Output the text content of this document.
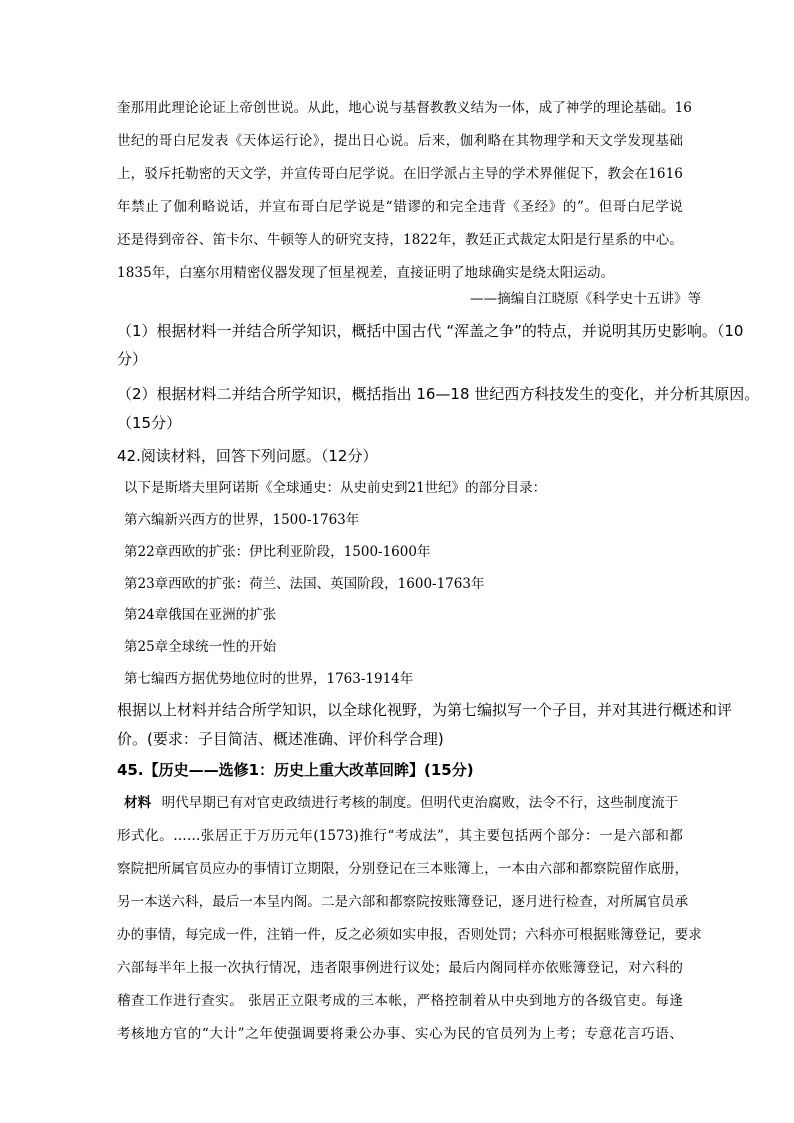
奎那用此理论论证上帝创世说。从此，地心说与基督教教义结为一体，成了神学的理论基础。16
世纪的哥白尼发表《天体运行论》，提出日心说。后来，伽利略在其物理学和天文学发现基础
上，驳斥托勒密的天文学，并宣传哥白尼学说。在旧学派占主导的学术界催促下，教会在1616
年禁止了伽利略说话，并宣布哥白尼学说是“错谬的和完全违背《圣经》的”。但哥白尼学说
还是得到帝谷、笛卡尔、牛顿等人的研究支持，1822年，教廷正式裁定太阳是行星系的中心。
1835年，白塞尔用精密仪器发现了恒星视差，直接证明了地球确实是绕太阳运动。
——摘编自江晓原《科学史十五讲》等
（1）根据材料一并结合所学知识，概括中国古代 “浑盖之争”的特点，并说明其历史影响。（10
分）
（2）根据材料二并结合所学知识，概括指出 16—18 世纪西方科技发生的变化，并分析其原因。
（15分）
42.阅读材料，回答下列问愿。（12分）
以下是斯塔夫里阿诺斯《全球通史：从史前史到21世纪》的部分目录：
第六编新兴西方的世界，1500-1763年
第22章西欧的扩张：伊比利亚阶段，1500-1600年
第23章西欧的扩张：荷兰、法国、英国阶段，1600-1763年
第24章俄国在亚洲的扩张
第25章全球统一性的开始
第七编西方据优势地位时的世界，1763-1914年
根据以上材料并结合所学知识，以全球化视野，为第七编拟写一个子目，并对其进行概述和评
价。(要求：子目简洁、概述准确、评价科学合理)
45.【历史——选修1：历史上重大改革回眸】(15分)
材料 明代早期已有对官吏政绩进行考核的制度。但明代吏治腐败，法令不行，这些制度流于
形式化。……张居正于万历元年(1573)推行“考成法”，其主要包括两个部分：一是六部和都
察院把所属官员应办的事情订立期限，分别登记在三本账簿上，一本由六部和都察院留作底册，
另一本送六科，最后一本呈内阁。二是六部和都察院按账簿登记，逐月进行检查，对所属官员承
办的事情，每完成一件，注销一件，反之必须如实申报，否则处罚；六科亦可根据账簿登记，要求
六部每半年上报一次执行情况，违者限事例进行议处；最后内阁同样亦依账簿登记，对六科的
稽查工作进行查实。 张居正立限考成的三本帐，严格控制着从中央到地方的各级官吏。每逢
考核地方官的“大计”之年使强调要将秉公办事、实心为民的官员列为上考；专意花言巧语、
